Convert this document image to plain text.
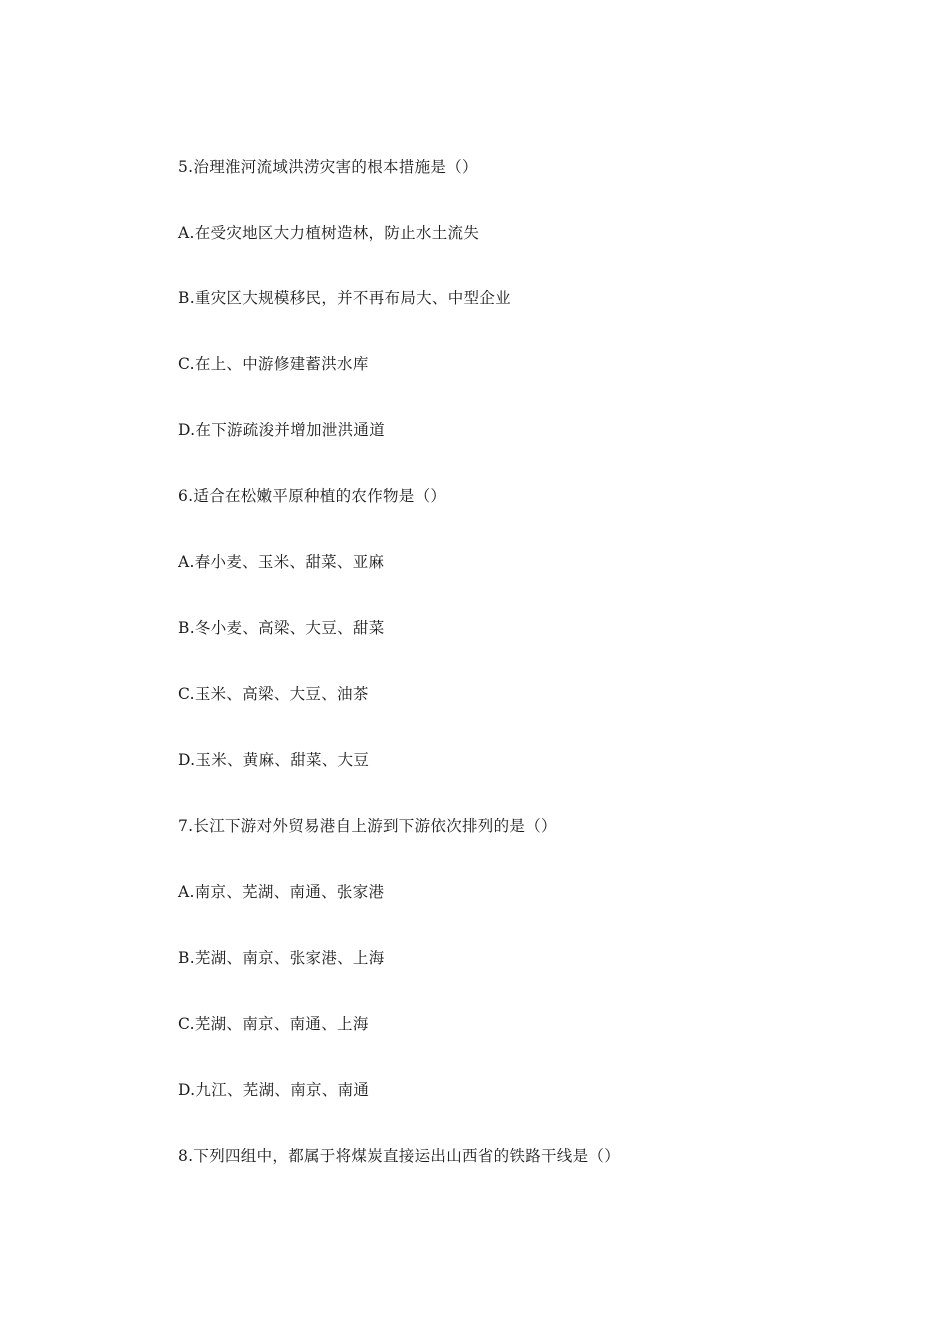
5.治理淮河流域洪涝灾害的根本措施是（）
A.在受灾地区大力植树造林，防止水土流失
B.重灾区大规模移民，并不再布局大、中型企业
C.在上、中游修建蓄洪水库
D.在下游疏浚并增加泄洪通道
6.适合在松嫩平原种植的农作物是（）
A.春小麦、玉米、甜菜、亚麻
B.冬小麦、高梁、大豆、甜菜
C.玉米、高梁、大豆、油茶
D.玉米、黄麻、甜菜、大豆
7.长江下游对外贸易港自上游到下游依次排列的是（）
A.南京、芜湖、南通、张家港
B.芜湖、南京、张家港、上海
C.芜湖、南京、南通、上海
D.九江、芜湖、南京、南通
8.下列四组中，都属于将煤炭直接运出山西省的铁路干线是（）
